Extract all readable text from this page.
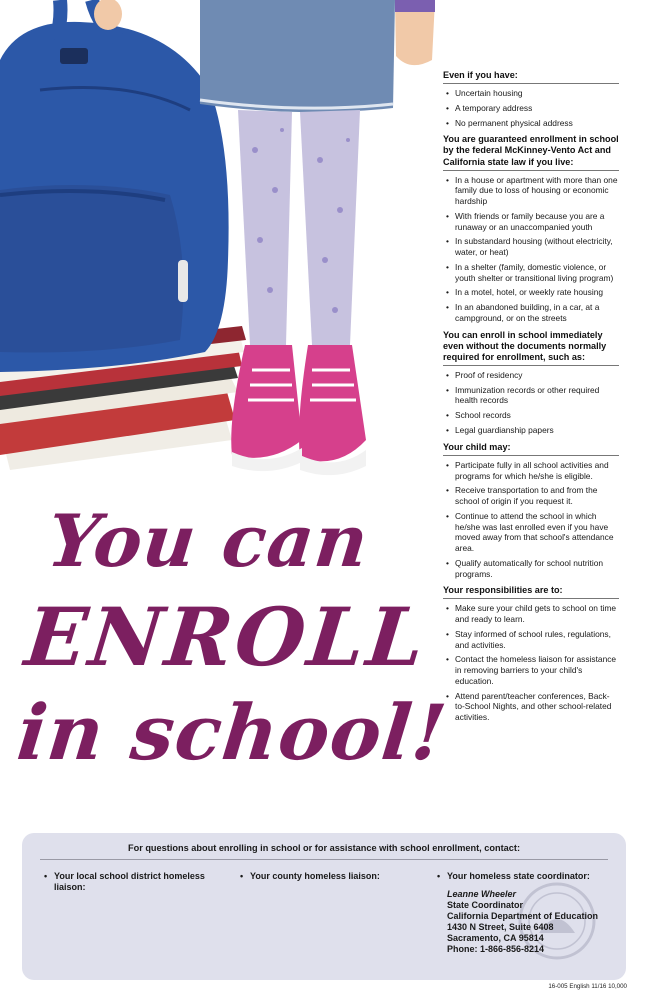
You can
ENROLL
in school!
Even if you have:
• Uncertain housing
• A temporary address
• No permanent physical address
You are guaranteed enrollment in school by the federal McKinney-Vento Act and California state law if you live:
• In a house or apartment with more than one family due to loss of housing or economic hardship
• With friends or family because you are a runaway or an unaccompanied youth
• In substandard housing (without electricity, water, or heat)
• In a shelter (family, domestic violence, or youth shelter or transitional living program)
• In a motel, hotel, or weekly rate housing
• In an abandoned building, in a car, at a campground, or on the streets
You can enroll in school immediately even without the documents normally required for enrollment, such as:
• Proof of residency
• Immunization records or other required health records
• School records
• Legal guardianship papers
Your child may:
• Participate fully in all school activities and programs for which he/she is eligible.
• Receive transportation to and from the school of origin if you request it.
• Continue to attend the school in which he/she was last enrolled even if you have moved away from that school's attendance area.
• Qualify automatically for school nutrition programs.
Your responsibilities are to:
• Make sure your child gets to school on time and ready to learn.
• Stay informed of school rules, regulations, and activities.
• Contact the homeless liaison for assistance in removing barriers to your child's education.
• Attend parent/teacher conferences, Back-to-School Nights, and other school-related activities.
For questions about enrolling in school or for assistance with school enrollment, contact:
• Your local school district homeless liaison:
• Your county homeless liaison:	• Your homeless state coordinator:
Leanne Wheeler
State Coordinator
California Department of Education
1430 N Street, Suite 6408
Sacramento, CA 95814
Phone: 1-866-856-8214
16-005 English 11/16 10,000
